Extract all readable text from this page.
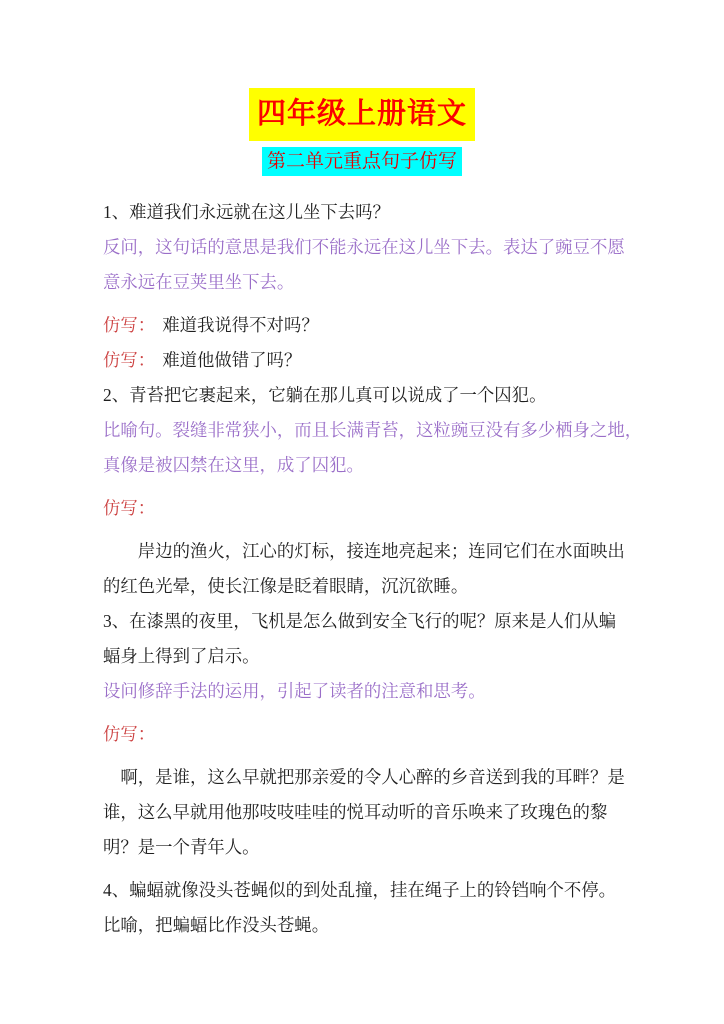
四年级上册语文
第二单元重点句子仿写
1、难道我们永远就在这儿坐下去吗？
反问，这句话的意思是我们不能永远在这儿坐下去。表达了豌豆不愿
意永远在豆荚里坐下去。
仿写： 难道我说得不对吗？
仿写： 难道他做错了吗？
2、青苔把它裹起来，它躺在那儿真可以说成了一个囚犯。
比喻句。裂缝非常狭小，而且长满青苔，这粒豌豆没有多少栖身之地，
真像是被囚禁在这里，成了囚犯。
仿写：
岸边的渔火，江心的灯标，接连地亮起来；连同它们在水面映出
的红色光晕，使长江像是眨着眼睛，沉沉欲睡。
3、在漆黑的夜里，飞机是怎么做到安全飞行的呢？原来是人们从蝙
蝠身上得到了启示。
设问修辞手法的运用，引起了读者的注意和思考。
仿写：
啊，是谁，这么早就把那亲爱的令人心醉的乡音送到我的耳畔？是
谁，这么早就用他那吱吱哇哇的悦耳动听的音乐唤来了玫瑰色的黎
明？是一个青年人。
4、蝙蝠就像没头苍蝇似的到处乱撞，挂在绳子上的铃铛响个不停。
比喻，把蝙蝠比作没头苍蝇。
